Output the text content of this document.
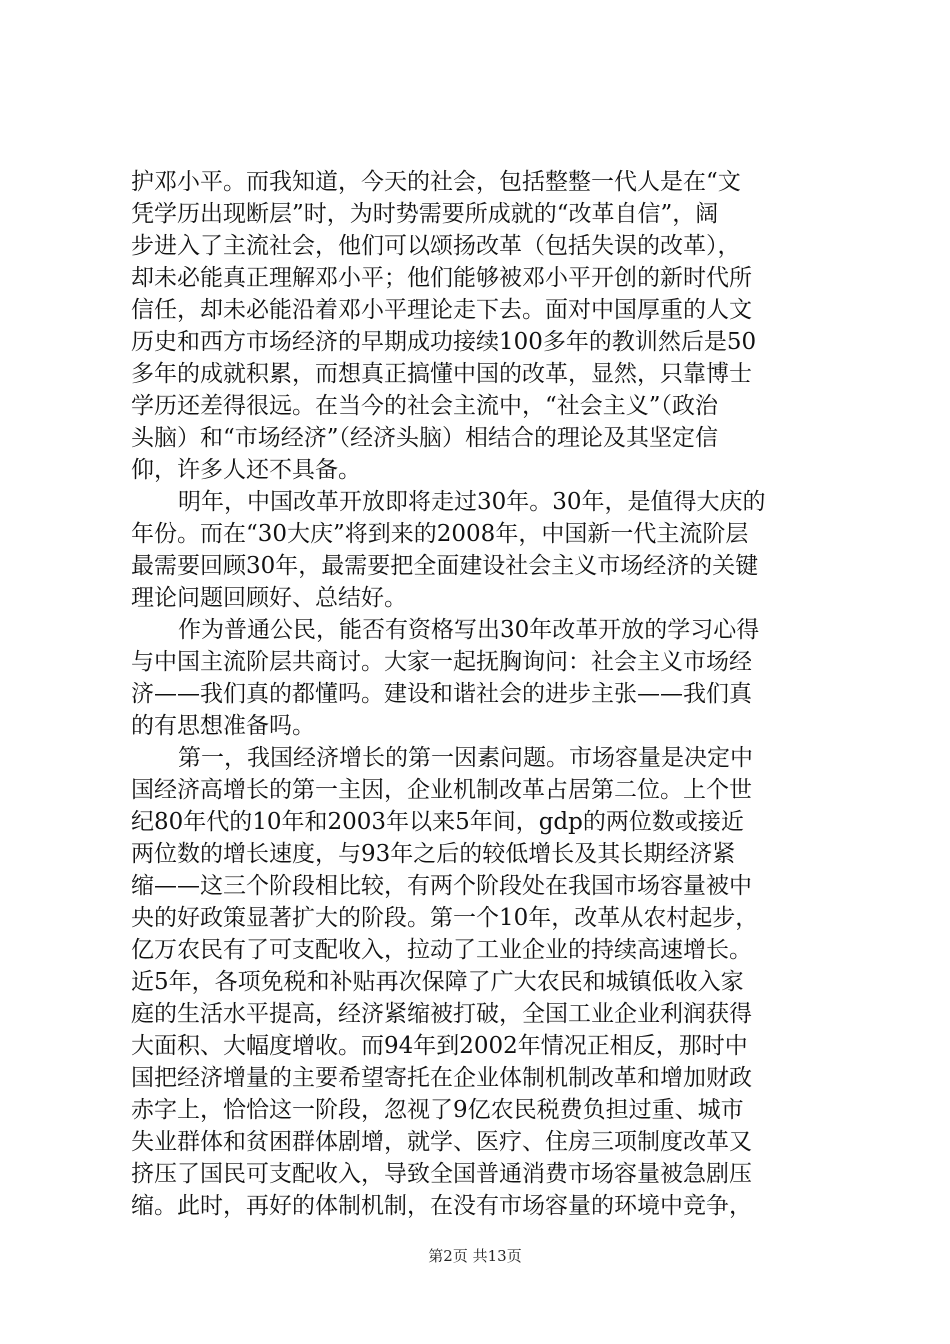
护邓小平。而我知道，今天的社会，包括整整一代人是在“文
凭学历出现断层”时，为时势需要所成就的“改革自信”，阔
步进入了主流社会，他们可以颂扬改革（包括失误的改革），
却未必能真正理解邓小平；他们能够被邓小平开创的新时代所
信任，却未必能沿着邓小平理论走下去。面对中国厚重的人文
历史和西方市场经济的早期成功接续100多年的教训然后是50
多年的成就积累，而想真正搞懂中国的改革，显然，只靠博士
学历还差得很远。在当今的社会主流中，“社会主义”（政治
头脑）和“市场经济”（经济头脑）相结合的理论及其坚定信
仰，许多人还不具备。
明年，中国改革开放即将走过30年。30年，是值得大庆的
年份。而在“30大庆”将到来的2008年，中国新一代主流阶层
最需要回顾30年，最需要把全面建设社会主义市场经济的关键
理论问题回顾好、总结好。
作为普通公民，能否有资格写出30年改革开放的学习心得
与中国主流阶层共商讨。大家一起抚胸询问：社会主义市场经
济——我们真的都懂吗。建设和谐社会的进步主张——我们真
的有思想准备吗。
第一，我国经济增长的第一因素问题。市场容量是决定中
国经济高增长的第一主因，企业机制改革占居第二位。上个世
纪80年代的10年和2003年以来5年间，gdp的两位数或接近
两位数的增长速度，与93年之后的较低增长及其长期经济紧
缩——这三个阶段相比较，有两个阶段处在我国市场容量被中
央的好政策显著扩大的阶段。第一个10年，改革从农村起步，
亿万农民有了可支配收入，拉动了工业企业的持续高速增长。
近5年，各项免税和补贴再次保障了广大农民和城镇低收入家
庭的生活水平提高，经济紧缩被打破，全国工业企业利润获得
大面积、大幅度增收。而94年到2002年情况正相反，那时中
国把经济增量的主要希望寄托在企业体制机制改革和增加财政
赤字上，恰恰这一阶段，忽视了9亿农民税费负担过重、城市
失业群体和贫困群体剧增，就学、医疗、住房三项制度改革又
挤压了国民可支配收入，导致全国普通消费市场容量被急剧压
缩。此时，再好的体制机制，在没有市场容量的环境中竞争，
第2页 共13页
